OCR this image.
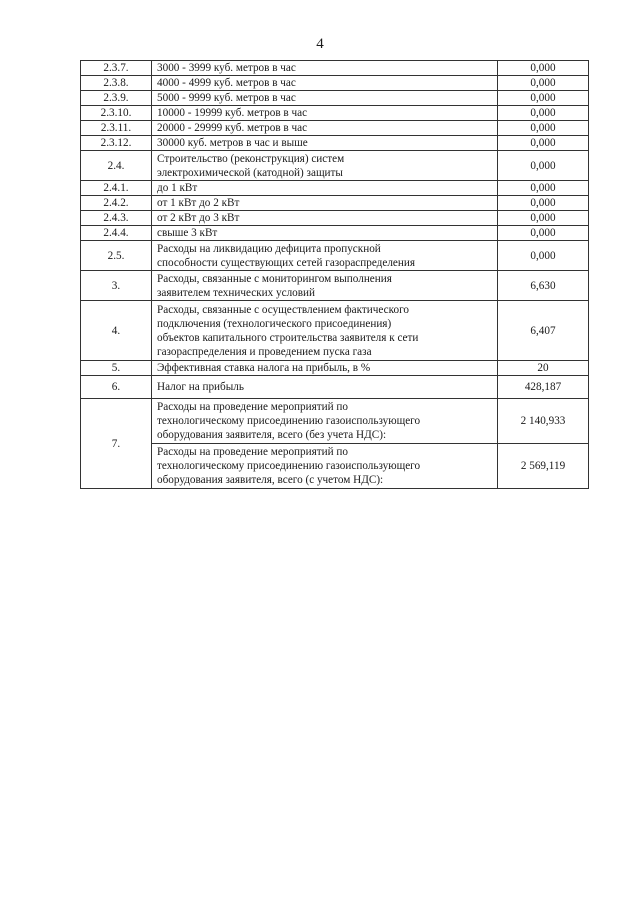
4
2.3.7.	3000 - 3999 куб. метров в час	0,000

2.3.8.	4000 - 4999 куб. метров в час	0,000

2.3.9.	5000 - 9999 куб. метров в час	0,000

2.3.10.	10000 - 19999 куб. метров в час	0,000

2.3.11.	20000 - 29999 куб. метров в час	0,000

2.3.12.	30000 куб. метров в час и выше	0,000

2.4.	Строительство (реконструкция) систем
электрохимической (катодной) защиты	0,000

2.4.1.	до 1 кВт	0,000

2.4.2.	от 1 кВт до 2 кВт	0,000

2.4.3.	от 2 кВт до 3 кВт	0,000

2.4.4.	свыше 3 кВт	0,000

2.5.	Расходы на ликвидацию дефицита пропускной
способности существующих сетей газораспределения	0,000

3.	Расходы, связанные с мониторингом выполнения
заявителем технических условий	6,630

4.	Расходы, связанные с осуществлением фактического
подключения (технологического присоединения)
объектов капитального строительства заявителя к сети
газораспределения и проведением пуска газа	6,407

5.	Эффективная ставка налога на прибыль, в %	20

6.	Налог на прибыль	428,187

7.	Расходы на проведение мероприятий по
технологическому присоединению газоиспользующего
оборудования заявителя, всего (без учета НДС):	2 140,933

	Расходы на проведение мероприятий по
технологическому присоединению газоиспользующего
оборудования заявителя, всего (с учетом НДС):	2 569,119
